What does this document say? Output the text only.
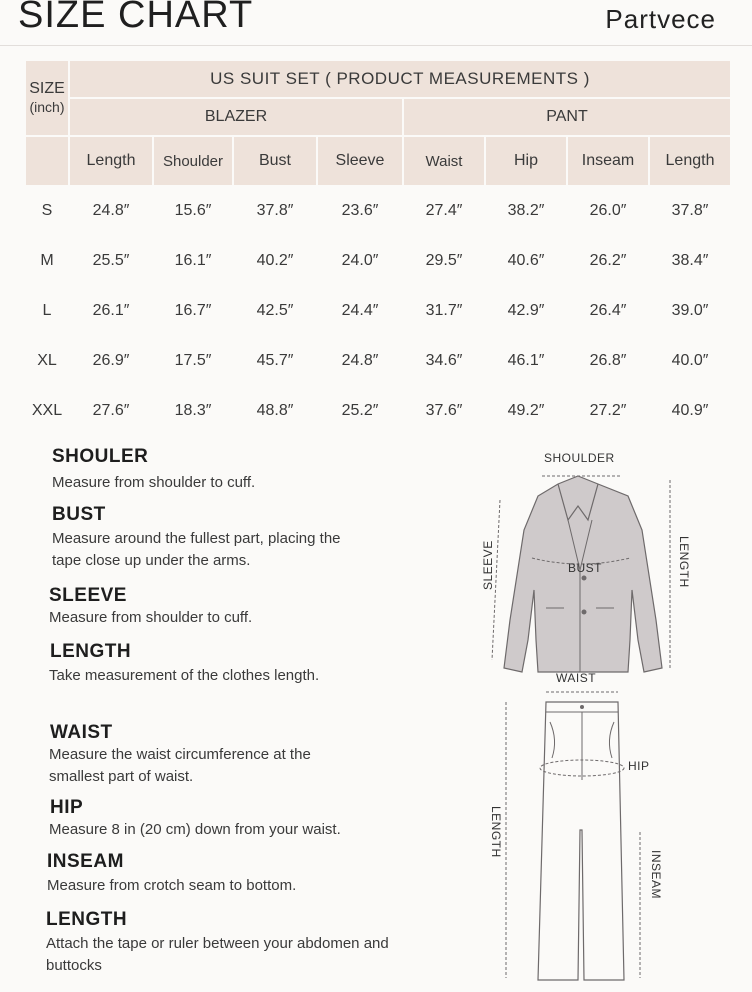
SIZE CHART	Partvece
SIZE
(inch)	US SUIT SET ( PRODUCT MEASUREMENTS )							
	BLAZER				PANT			
	Length	Shoulder	Bust	Sleeve	Waist	Hip	Inseam	Length
S	24.8″	15.6″	37.8″	23.6″	27.4″	38.2″	26.0″	37.8″
M	25.5″	16.1″	40.2″	24.0″	29.5″	40.6″	26.2″	38.4″
L	26.1″	16.7″	42.5″	24.4″	31.7″	42.9″	26.4″	39.0″
XL	26.9″	17.5″	45.7″	24.8″	34.6″	46.1″	26.8″	40.0″
XXL	27.6″	18.3″	48.8″	25.2″	37.6″	49.2″	27.2″	40.9″
SHOULER
Measure from shoulder to cuff.
BUST
Measure around the fullest part, placing the tape close up under the arms.
SLEEVE
Measure from shoulder to cuff.
LENGTH
Take measurement of the clothes length.
WAIST
Measure the waist circumference at the smallest part of waist.
HIP
Measure 8 in (20 cm) down from your waist.
INSEAM
Measure from crotch seam to bottom.
LENGTH
Attach the tape or ruler between your abdomen and buttocks
SHOULDER
BUST
SLEEVE	LENGTH
WAIST
HIP
LENGTH
INSEAM
